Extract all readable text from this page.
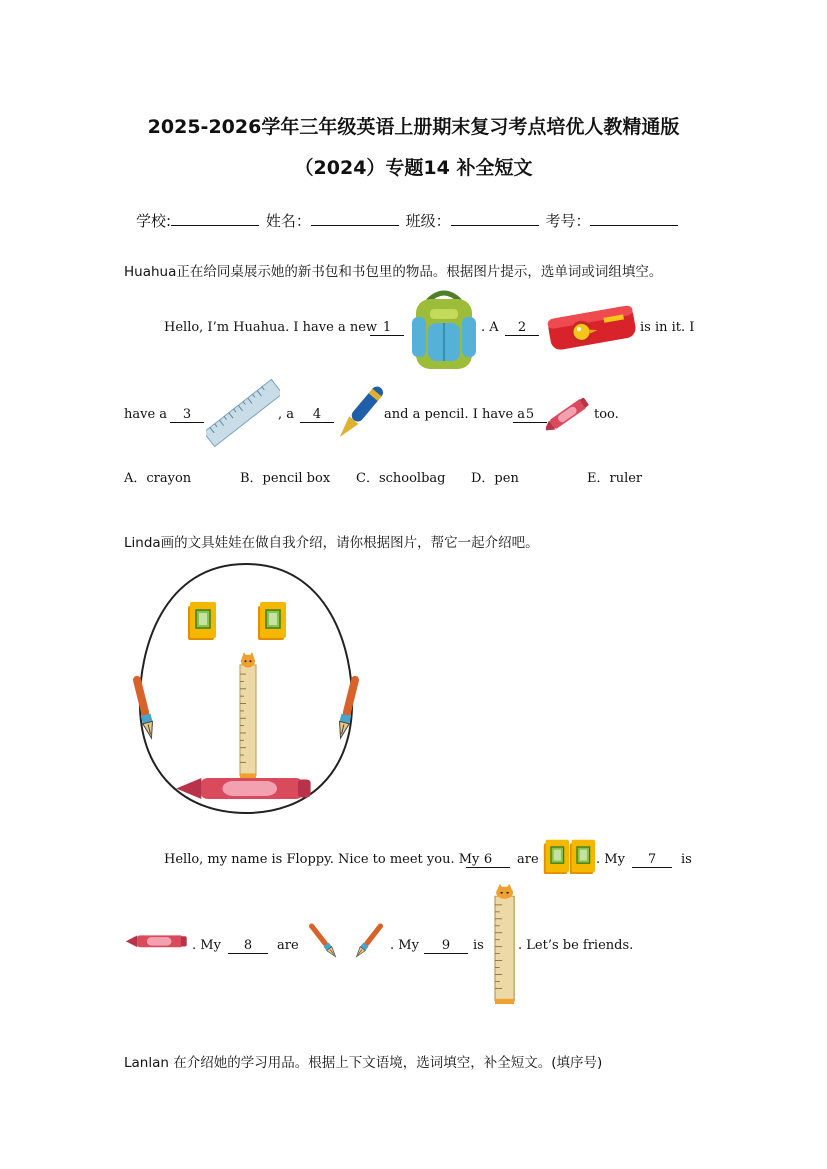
2025-2026学年三年级英语上册期末复习考点培优人教精通版
（2024）专题14 补全短文
学校:	姓名：	班级：	考号：
Huahua正在给同桌展示她的新书包和书包里的物品。根据图片提示，选单词或词组填空。
Hello, I’m Huahua. I have a new 1	. A	2	is in it. I
have a	3	, a	4	and a pencil. I have a 5	too.
A．crayon	B．pencil box C．schoolbag D．pen	E．ruler
Linda画的文具娃娃在做自我介绍，请你根据图片，帮它一起介绍吧。
Hello, my name is Floppy. Nice to meet you. My 6	are	. My	7	is
. My	8	are	. My	9	is	. Let’s be friends.
Lanlan 在介绍她的学习用品。根据上下文语境，选词填空，补全短文。(填序号)
